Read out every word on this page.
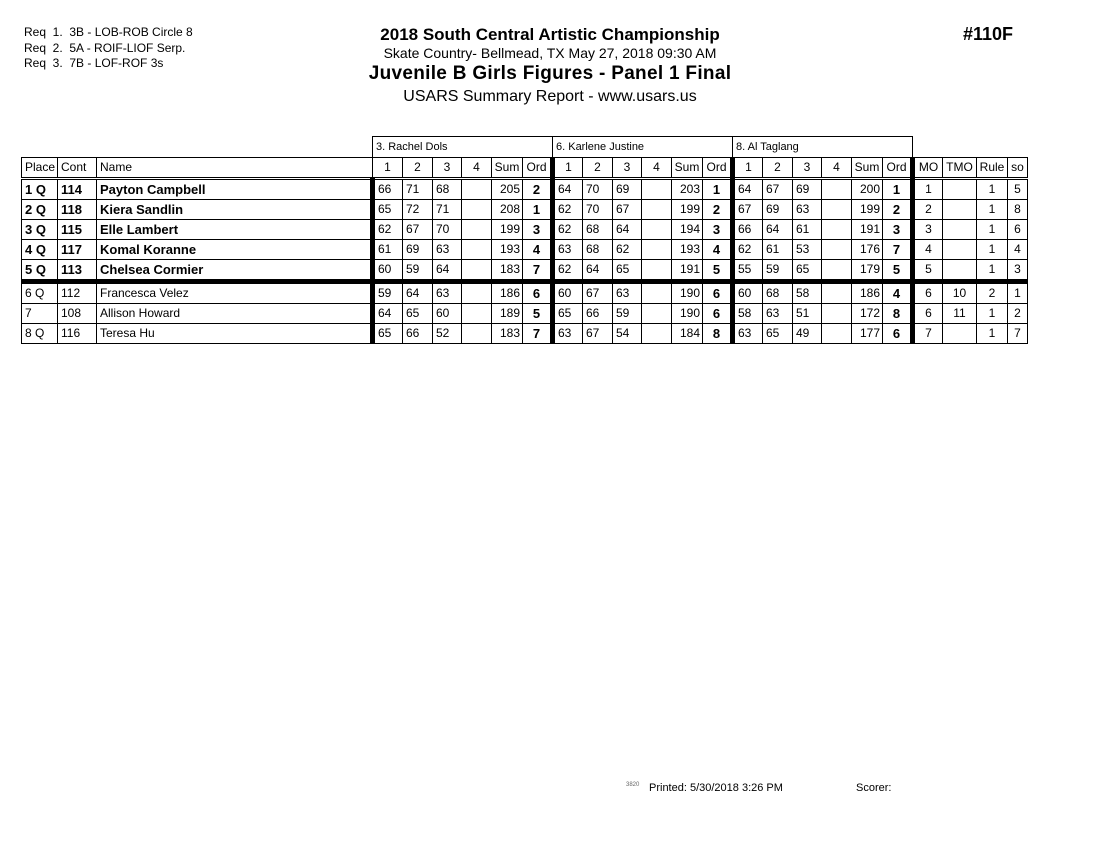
Req  1.  3B - LOB-ROB Circle 8
Req  2.  5A - ROIF-LIOF Serp.
Req  3.  7B - LOF-ROF 3s
2018 South Central Artistic Championship
Skate Country- Bellmead, TX May 27, 2018 09:30 AM
Juvenile B Girls Figures - Panel 1 Final
USARS Summary Report - www.usars.us
#110F
			3. Rachel Dols						6. Karlene Justine						8. Al Taglang									
Place	Cont	Name	1	2	3	4	Sum	Ord	1	2	3	4	Sum	Ord	1	2	3	4	Sum	Ord	MO	TMO	Rule	so
1 Q	114	Payton Campbell	66	71	68		205	2	64	70	69		203	1	64	67	69		200	1	1		1	5
2 Q	118	Kiera Sandlin	65	72	71		208	1	62	70	67		199	2	67	69	63		199	2	2		1	8
3 Q	115	Elle Lambert	62	67	70		199	3	62	68	64		194	3	66	64	61		191	3	3		1	6
4 Q	117	Komal Koranne	61	69	63		193	4	63	68	62		193	4	62	61	53		176	7	4		1	4
5 Q	113	Chelsea Cormier	60	59	64		183	7	62	64	65		191	5	55	59	65		179	5	5		1	3
6 Q	112	Francesca Velez	59	64	63		186	6	60	67	63		190	6	60	68	58		186	4	6	10	2	1
7	108	Allison Howard	64	65	60		189	5	65	66	59		190	6	58	63	51		172	8	6	11	1	2
8 Q	116	Teresa Hu	65	66	52		183	7	63	67	54		184	8	63	65	49		177	6	7		1	7
3820 Printed: 5/30/2018 3:26 PM	Scorer:
